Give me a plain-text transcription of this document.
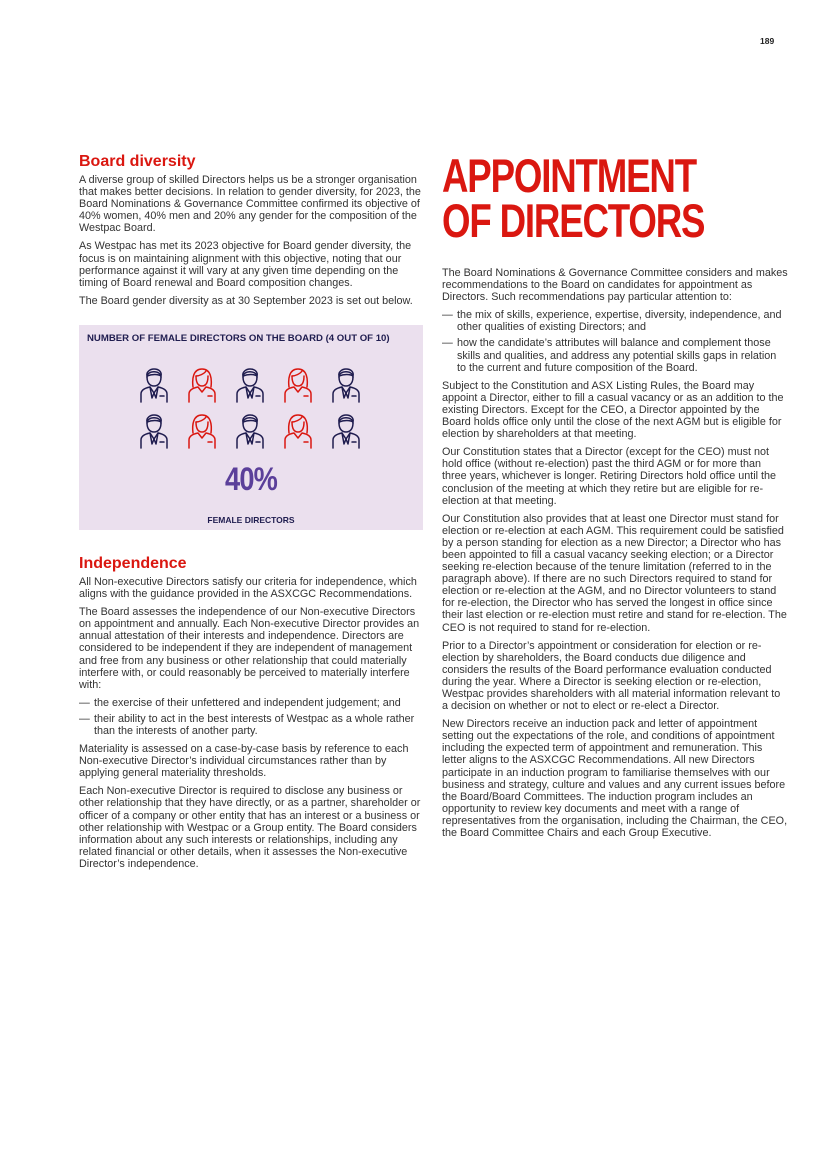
189
Board diversity

A diverse group of skilled Directors helps us be a stronger organisation that makes better decisions. In relation to gender diversity, for 2023, the Board Nominations & Governance Committee confirmed its objective of 40% women, 40% men and 20% any gender for the composition of the Westpac Board.

As Westpac has met its 2023 objective for Board gender diversity, the focus is on maintaining alignment with this objective, noting that our performance against it will vary at any given time depending on the timing of Board renewal and Board composition changes.

The Board gender diversity as at 30 September 2023 is set out below.

NUMBER OF FEMALE DIRECTORS ON THE BOARD (4 OUT OF 10)
40%
FEMALE DIRECTORS
Independence

All Non-executive Directors satisfy our criteria for independence, which aligns with the guidance provided in the ASXCGC Recommendations.

The Board assesses the independence of our Non-executive Directors on appointment and annually. Each Non-executive Director provides an annual attestation of their interests and independence. Directors are considered to be independent if they are independent of management and free from any business or other relationship that could materially interfere with, or could reasonably be perceived to materially interfere with:

— the exercise of their unfettered and independent judgement; and
— their ability to act in the best interests of Westpac as a whole rather than the interests of another party.

Materiality is assessed on a case-by-case basis by reference to each Non-executive Director’s individual circumstances rather than by applying general materiality thresholds.

Each Non-executive Director is required to disclose any business or other relationship that they have directly, or as a partner, shareholder or officer of a company or other entity that has an interest or a business or other relationship with Westpac or a Group entity. The Board considers information about any such interests or relationships, including any related financial or other details, when it assesses the Non-executive Director’s independence.

APPOINTMENT
OF DIRECTORS

The Board Nominations & Governance Committee considers and makes recommendations to the Board on candidates for appointment as Directors. Such recommendations pay particular attention to:

— the mix of skills, experience, expertise, diversity, independence, and other qualities of existing Directors; and
— how the candidate’s attributes will balance and complement those skills and qualities, and address any potential skills gaps in relation to the current and future composition of the Board.

Subject to the Constitution and ASX Listing Rules, the Board may appoint a Director, either to fill a casual vacancy or as an addition to the existing Directors. Except for the CEO, a Director appointed by the Board holds office only until the close of the next AGM but is eligible for election by shareholders at that meeting.

Our Constitution states that a Director (except for the CEO) must not hold office (without re-election) past the third AGM or for more than three years, whichever is longer. Retiring Directors hold office until the conclusion of the meeting at which they retire but are eligible for re-election at that meeting.

Our Constitution also provides that at least one Director must stand for election or re-election at each AGM. This requirement could be satisfied by a person standing for election as a new Director; a Director who has been appointed to fill a casual vacancy seeking election; or a Director seeking re-election because of the tenure limitation (referred to in the paragraph above). If there are no such Directors required to stand for election or re-election at the AGM, and no Director volunteers to stand for re-election, the Director who has served the longest in office since their last election or re-election must retire and stand for re-election. The CEO is not required to stand for re-election.

Prior to a Director’s appointment or consideration for election or re-election by shareholders, the Board conducts due diligence and considers the results of the Board performance evaluation conducted during the year. Where a Director is seeking election or re-election, Westpac provides shareholders with all material information relevant to a decision on whether or not to elect or re-elect a Director.

New Directors receive an induction pack and letter of appointment setting out the expectations of the role, and conditions of appointment including the expected term of appointment and remuneration. This letter aligns to the ASXCGC Recommendations. All new Directors participate in an induction program to familiarise themselves with our business and strategy, culture and values and any current issues before the Board/Board Committees. The induction program includes an opportunity to review key documents and meet with a range of representatives from the organisation, including the Chairman, the CEO, the Board Committee Chairs and each Group Executive.
